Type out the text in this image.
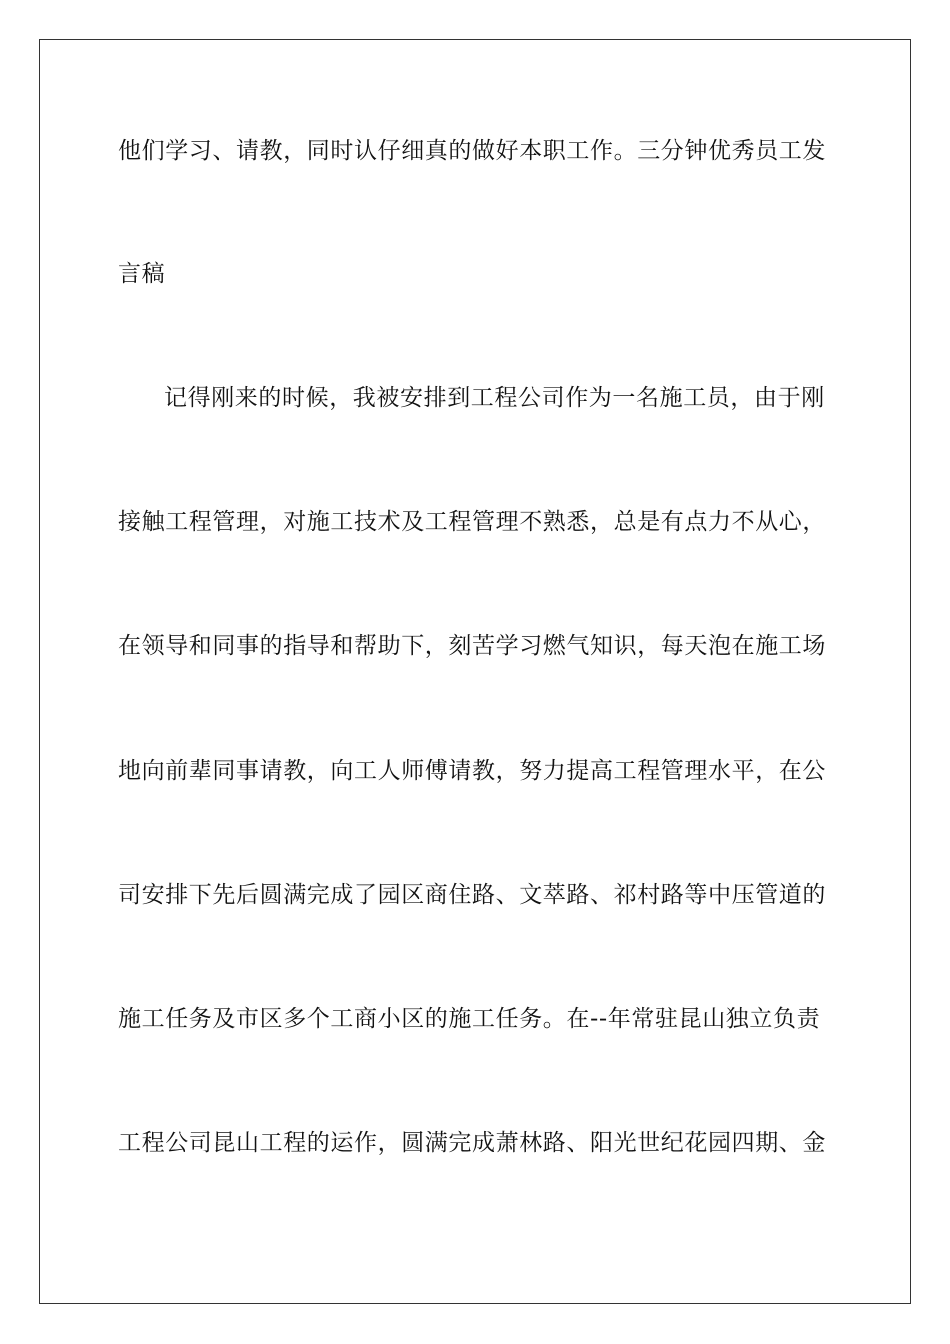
他们学习、请教，同时认仔细真的做好本职工作。三分钟优秀员工发
言稿
记得刚来的时候，我被安排到工程公司作为一名施工员，由于刚
接触工程管理，对施工技术及工程管理不熟悉，总是有点力不从心，
在领导和同事的指导和帮助下，刻苦学习燃气知识，每天泡在施工场
地向前辈同事请教，向工人师傅请教，努力提高工程管理水平，在公
司安排下先后圆满完成了园区商住路、文萃路、祁村路等中压管道的
施工任务及市区多个工商小区的施工任务。在--年常驻昆山独立负责
工程公司昆山工程的运作，圆满完成萧林路、阳光世纪花园四期、金
